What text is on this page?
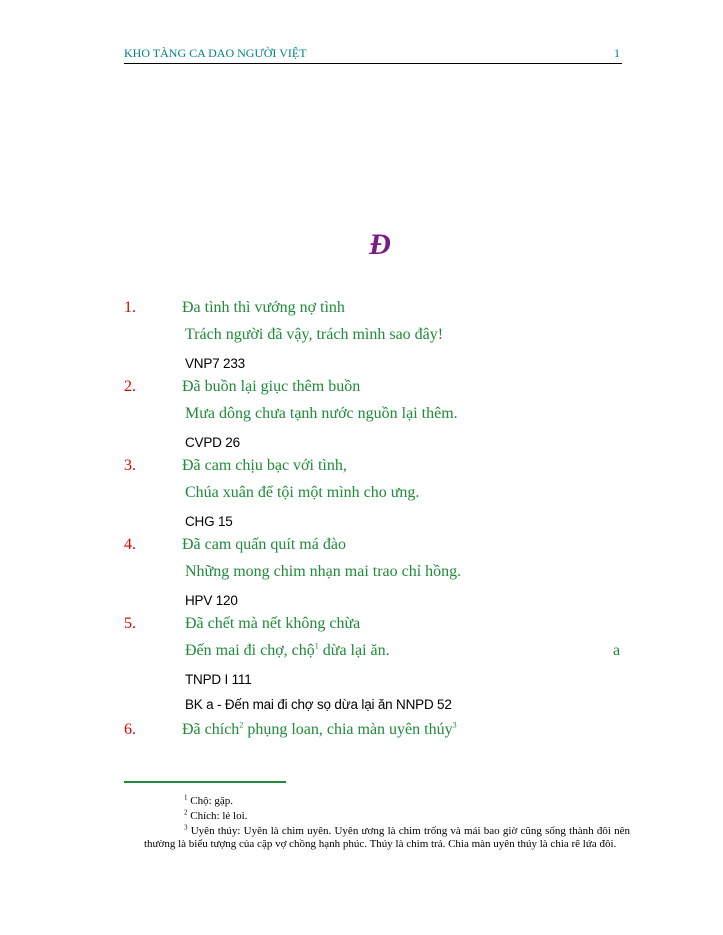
KHO TÀNG CA DAO NGƯỜI VIỆT	1
Đ
1.	Đa tình thì vướng nợ tình
Trách người đã vậy, trách mình sao đây!
VNP7 233
2.	Đã buồn lại giục thêm buồn
Mưa dông chưa tạnh nước nguồn lại thêm.
CVPD 26
3.	Đã cam chịu bạc với tình,
Chúa xuân để tội một mình cho ưng.
CHG 15
4.	Đã cam quấn quít má đào
Những mong chim nhạn mai trao chỉ hồng.
HPV 120
5.	Đã chết mà nết không chừa
Đến mai đi chợ, chộ$^1$ dừa lại ăn.	a
TNPD I 111
BK a - Đến mai đi chợ sọ dừa lại ăn NNPD 52
6.	Đã chích$^2$ phụng loan, chia màn uyên thúy$^3$
$^1$ Chộ: gặp.
$^2$ Chích: lẻ loi.
$^3$ Uyên thúy: Uyên là chim uyên. Uyên ương là chim trống và mái bao giờ cũng sống thành đôi nên thường là biểu tượng của cặp vợ chồng hạnh phúc. Thúy là chim trả. Chia màn uyên thúy là chia rẽ lứa đôi.
